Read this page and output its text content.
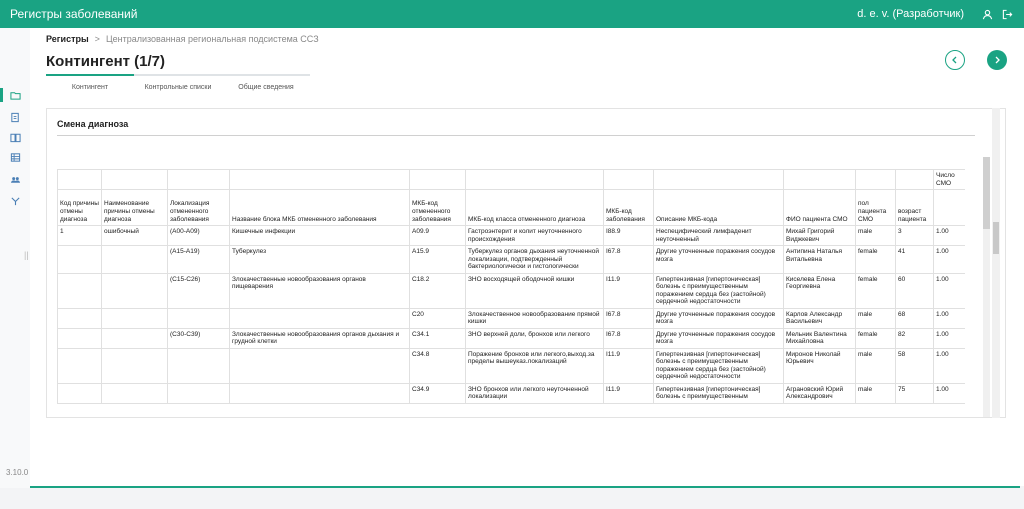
Регистры заболеваний	d. e. v. (Разработчик)
||
3.10.0
Регистры > Централизованная региональная подсистема ССЗ
Контингент (1/7)
Контингент	Контрольные списки	Общие сведения
Смена диагноза
											Число СМО
Код причины отмены диагноза	Наименование причины отмены диагноза	Локализация отмененного заболевания	Название блока МКБ отмененного заболевания	МКБ-код отмененного заболевания	МКБ-код класса отмененного диагноза	МКБ-код заболевания	Описание МКБ-кода	ФИО пациента СМО	пол пациента СМО	возраст пациента	
1	ошибочный	(A00-A09)	Кишечные инфекции	A09.9	Гастроэнтерит и колит неуточненного происхождения	I88.9	Неспецифический лимфаденит неуточненный	Михай Григорий Виджкевич	male	3	1.00
		(A15-A19)	Туберкулез	A15.9	Туберкулез органов дыхания неуточненной локализации, подтвержденный бактериологически и гистологически	I67.8	Другие уточненные поражения сосудов мозга	Антипина Наталья Витальевна	female	41	1.00
		(C15-C26)	Злокачественные новообразования органов пищеварения	C18.2	ЗНО восходящей ободочной кишки	I11.9	Гипертензивная [гипертоническая] болезнь с преимущественным поражением сердца без (застойной) сердечной недостаточности	Киселева Елена Георгиевна	female	60	1.00
				C20	Злокачественное новообразование прямой кишки	I67.8	Другие уточненные поражения сосудов мозга	Карлов Александр Васильевич	male	68	1.00
		(C30-C39)	Злокачественные новообразования органов дыхания и грудной клетки	C34.1	ЗНО верхней доли, бронхов или легкого	I67.8	Другие уточненные поражения сосудов мозга	Мельник Валентина Михайловна	female	82	1.00
				C34.8	Поражение бронхов или легкого,выход.за пределы вышеуказ.локализаций	I11.9	Гипертензивная [гипертоническая] болезнь с преимущественным поражением сердца без (застойной) сердечной недостаточности	Миронов Николай Юрьевич	male	58	1.00
				C34.9	ЗНО бронхов или легкого неуточненной локализации	I11.9	Гипертензивная [гипертоническая] болезнь с преимущественным	Аграновский Юрий Александрович	male	75	1.00
